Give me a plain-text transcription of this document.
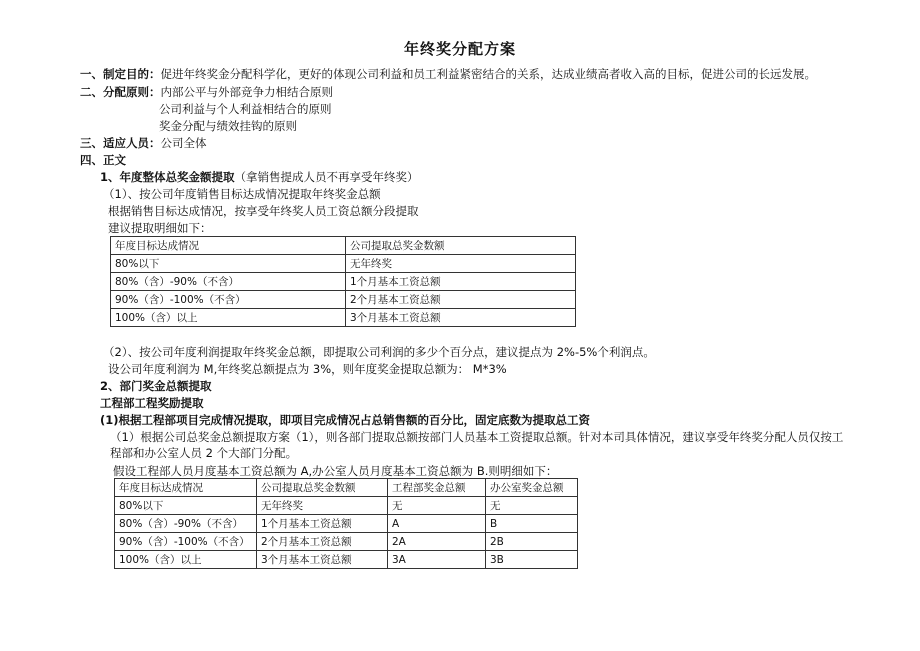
年终奖分配方案
一、制定目的：促进年终奖金分配科学化，更好的体现公司利益和员工利益紧密结合的关系，达成业绩高者收入高的目标，促进公司的长远发展。
二、分配原则：内部公平与外部竞争力相结合原则
公司利益与个人利益相结合的原则
奖金分配与绩效挂钩的原则
三、适应人员：公司全体
四、正文
1、年度整体总奖金额提取（拿销售提成人员不再享受年终奖）
（1）、按公司年度销售目标达成情况提取年终奖金总额
根据销售目标达成情况，按享受年终奖人员工资总额分段提取
建议提取明细如下：
年度目标达成情况	公司提取总奖金数额
80%以下	无年终奖
80%（含）-90%（不含）	1个月基本工资总额
90%（含）-100%（不含）	2个月基本工资总额
100%（含）以上	3个月基本工资总额
（2）、按公司年度利润提取年终奖金总额，即提取公司利润的多少个百分点，建议提点为 2%-5%个利润点。
设公司年度利润为 M,年终奖总额提点为 3%，则年度奖金提取总额为： M*3%
2、部门奖金总额提取
工程部工程奖励提取
(1)根据工程部项目完成情况提取，即项目完成情况占总销售额的百分比，固定底数为提取总工资
（1）根据公司总奖金总额提取方案（1），则各部门提取总额按部门人员基本工资提取总额。针对本司具体情况，建议享受年终奖分配人员仅按工程部和办公室人员 2 个大部门分配。
假设工程部人员月度基本工资总额为 A,办公室人员月度基本工资总额为 B.则明细如下：
年度目标达成情况	公司提取总奖金数额	工程部奖金总额	办公室奖金总额
80%以下	无年终奖	无	无
80%（含）-90%（不含）	1个月基本工资总额	A	B
90%（含）-100%（不含）	2个月基本工资总额	2A	2B
100%（含）以上	3个月基本工资总额	3A	3B
